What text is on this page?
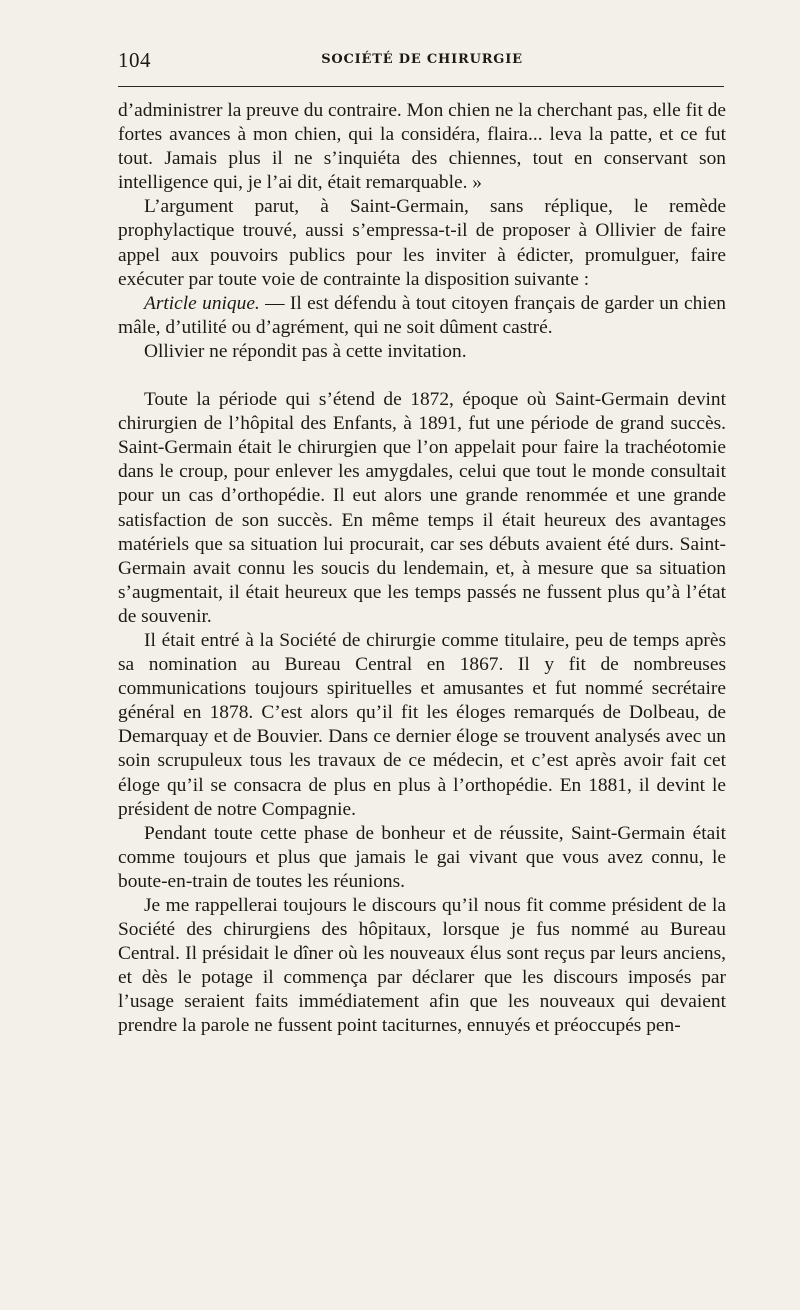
104	SOCIÉTÉ DE CHIRURGIE

d’administrer la preuve du contraire. Mon chien ne la cherchant pas, elle fit de fortes avances à mon chien, qui la considéra, flaira... leva la patte, et ce fut tout. Jamais plus il ne s’inquiéta des chiennes, tout en conservant son intelligence qui, je l’ai dit, était remarquable. »

L’argument parut, à Saint-Germain, sans réplique, le remède prophylactique trouvé, aussi s’empressa-t-il de proposer à Ollivier de faire appel aux pouvoirs publics pour les inviter à édicter, promulguer, faire exécuter par toute voie de contrainte la disposition suivante :

Article unique. — Il est défendu à tout citoyen français de garder un chien mâle, d’utilité ou d’agrément, qui ne soit dûment castré.

Ollivier ne répondit pas à cette invitation.

Toute la période qui s’étend de 1872, époque où Saint-Germain devint chirurgien de l’hôpital des Enfants, à 1891, fut une période de grand succès. Saint-Germain était le chirurgien que l’on appelait pour faire la trachéotomie dans le croup, pour enlever les amygdales, celui que tout le monde consultait pour un cas d’orthopédie. Il eut alors une grande renommée et une grande satisfaction de son succès. En même temps il était heureux des avantages matériels que sa situation lui procurait, car ses débuts avaient été durs. Saint-Germain avait connu les soucis du lendemain, et, à mesure que sa situation s’augmentait, il était heureux que les temps passés ne fussent plus qu’à l’état de souvenir.

Il était entré à la Société de chirurgie comme titulaire, peu de temps après sa nomination au Bureau Central en 1867. Il y fit de nombreuses communications toujours spirituelles et amusantes et fut nommé secrétaire général en 1878. C’est alors qu’il fit les éloges remarqués de Dolbeau, de Demarquay et de Bouvier. Dans ce dernier éloge se trouvent analysés avec un soin scrupuleux tous les travaux de ce médecin, et c’est après avoir fait cet éloge qu’il se consacra de plus en plus à l’orthopédie. En 1881, il devint le président de notre Compagnie.

Pendant toute cette phase de bonheur et de réussite, Saint-Germain était comme toujours et plus que jamais le gai vivant que vous avez connu, le boute-en-train de toutes les réunions.

Je me rappellerai toujours le discours qu’il nous fit comme président de la Société des chirurgiens des hôpitaux, lorsque je fus nommé au Bureau Central. Il présidait le dîner où les nouveaux élus sont reçus par leurs anciens, et dès le potage il commença par déclarer que les discours imposés par l’usage seraient faits immédiatement afin que les nouveaux qui devaient prendre la parole ne fussent point taciturnes, ennuyés et préoccupés pen-
